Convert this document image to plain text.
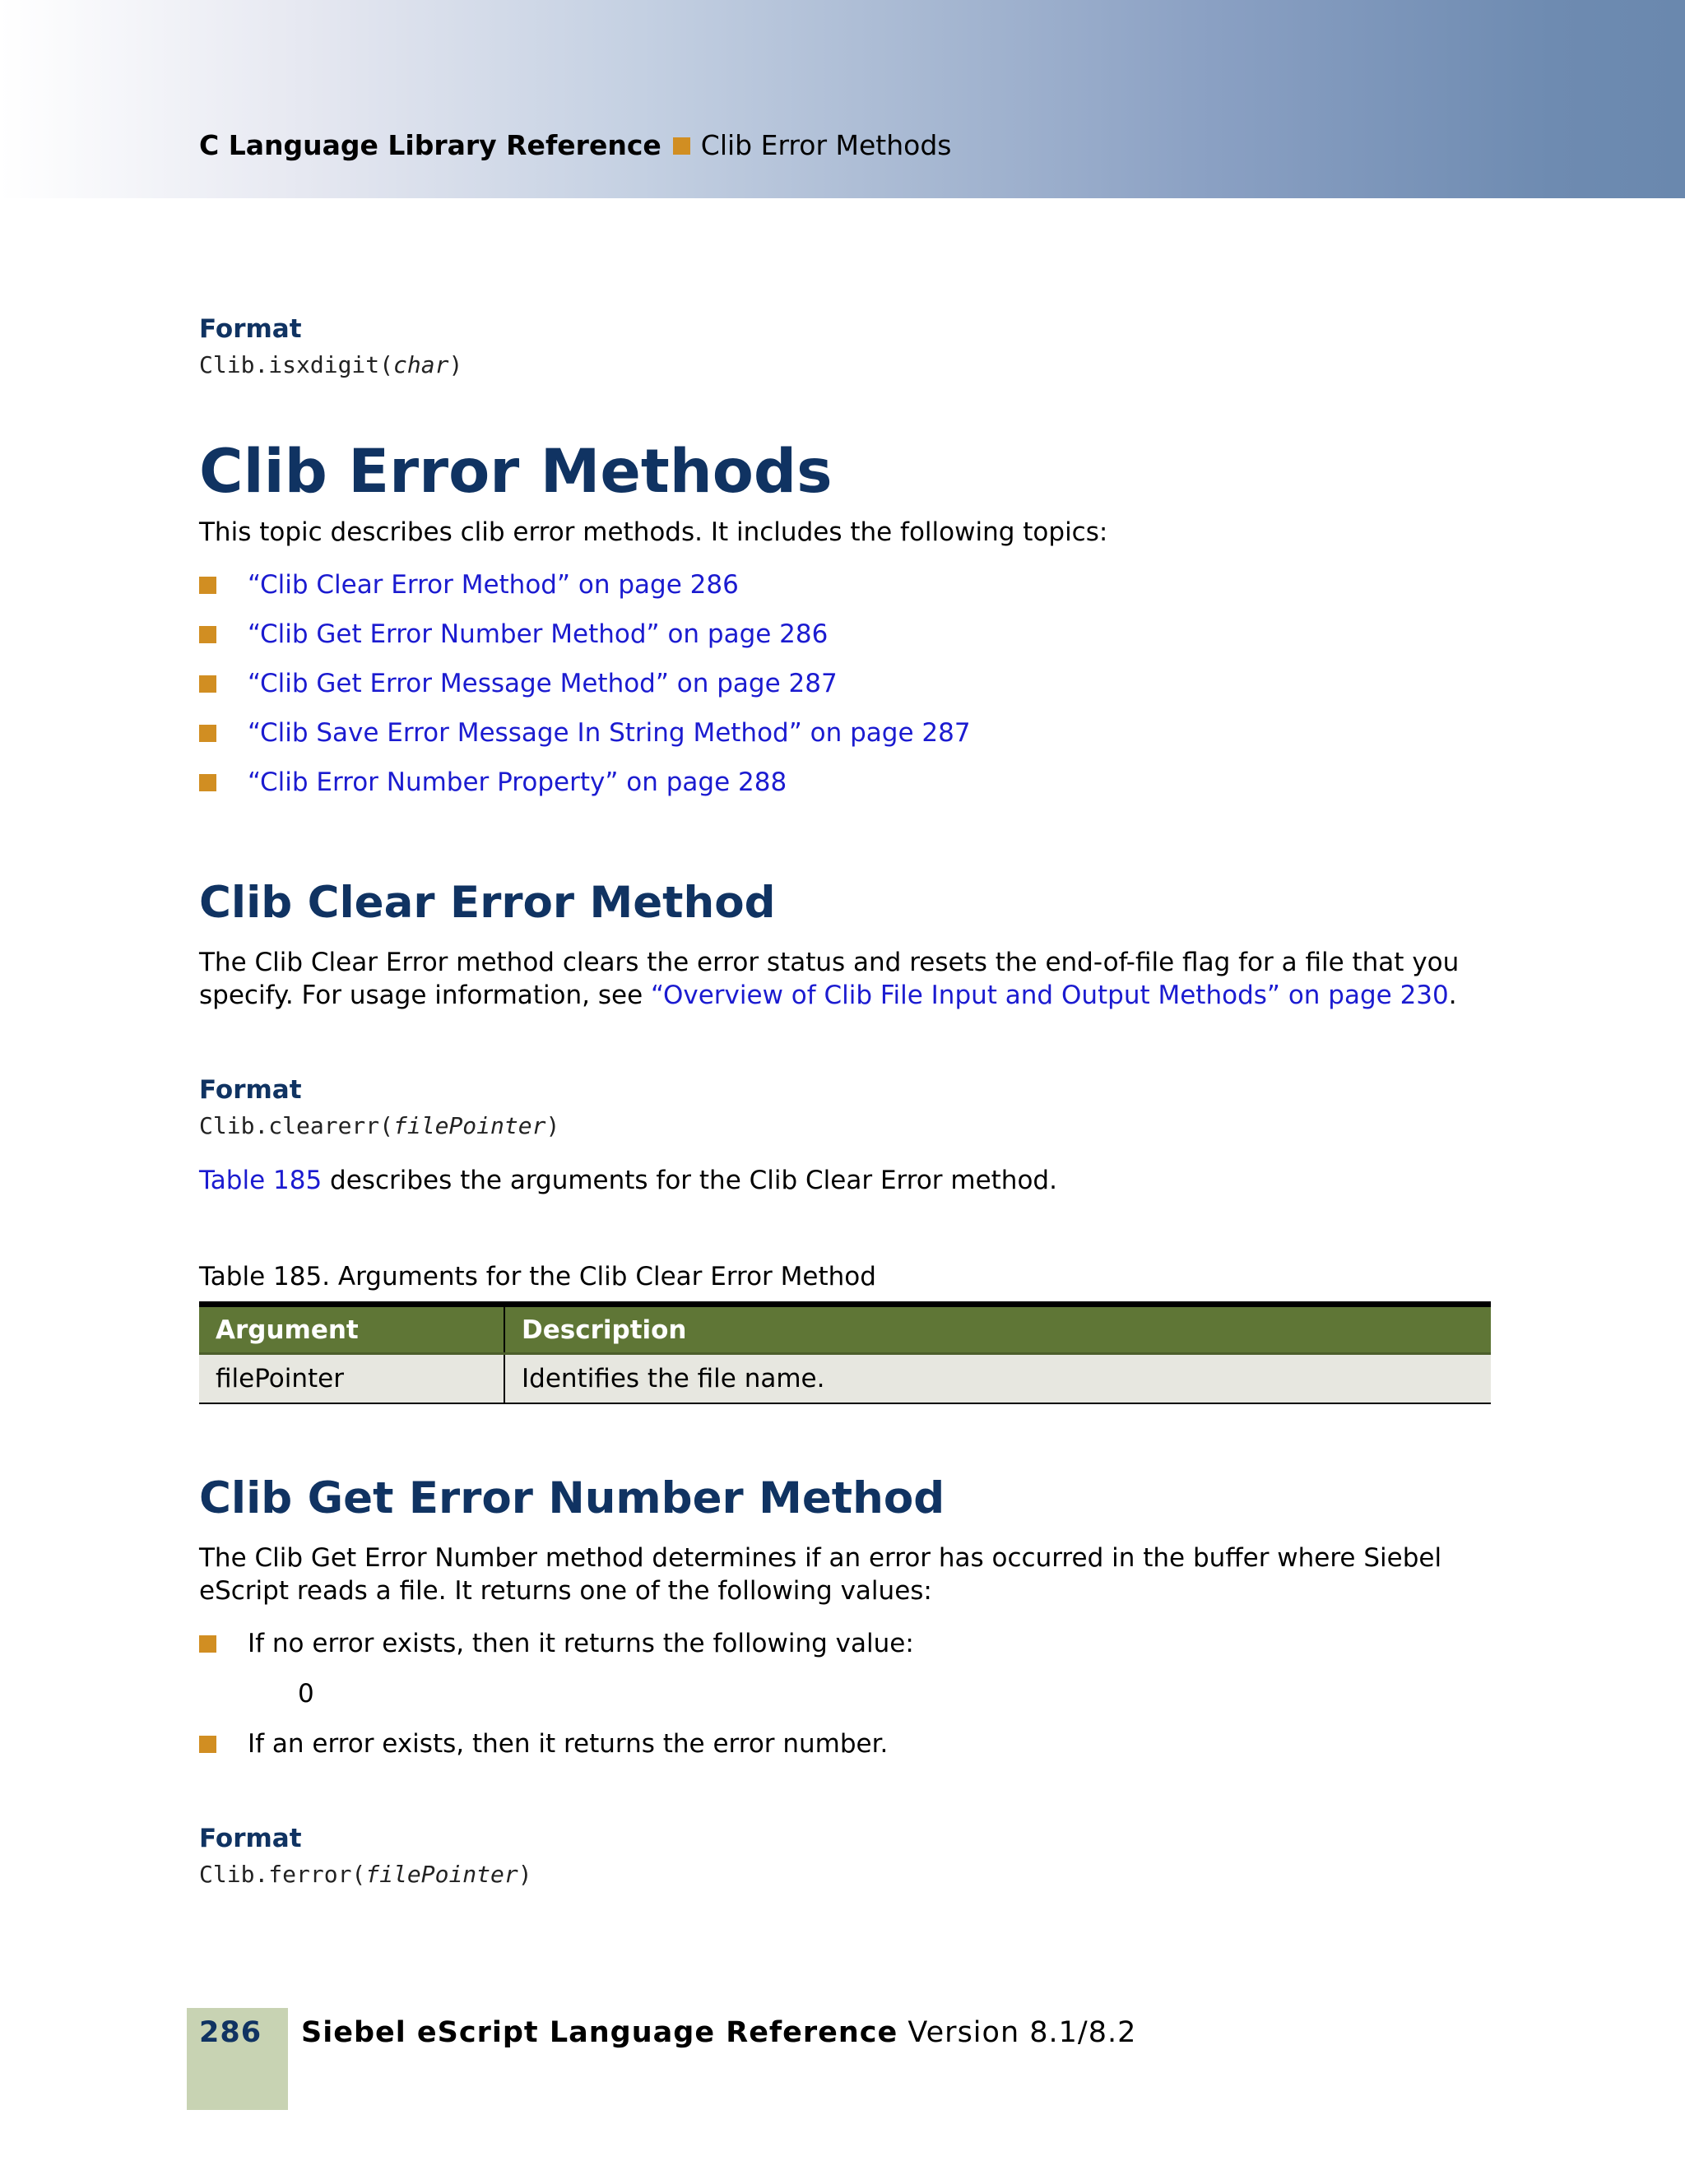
C Language Library Reference Clib Error Methods
Format
Clib.isxdigit(char)
Clib Error Methods
This topic describes clib error methods. It includes the following topics:
“Clib Clear Error Method” on page 286
“Clib Get Error Number Method” on page 286
“Clib Get Error Message Method” on page 287
“Clib Save Error Message In String Method” on page 287
“Clib Error Number Property” on page 288
Clib Clear Error Method
The Clib Clear Error method clears the error status and resets the end-of-file flag for a file that you
specify. For usage information, see “Overview of Clib File Input and Output Methods” on page 230.
Format
Clib.clearerr(filePointer)
Table 185 describes the arguments for the Clib Clear Error method.
Table 185. Arguments for the Clib Clear Error Method
Argument	Description
filePointer	Identifies the file name.
Clib Get Error Number Method
The Clib Get Error Number method determines if an error has occurred in the buffer where Siebel
eScript reads a file. It returns one of the following values:
If no error exists, then it returns the following value:
0
If an error exists, then it returns the error number.
Format
Clib.ferror(filePointer)
286 Siebel eScript Language Reference Version 8.1/8.2
